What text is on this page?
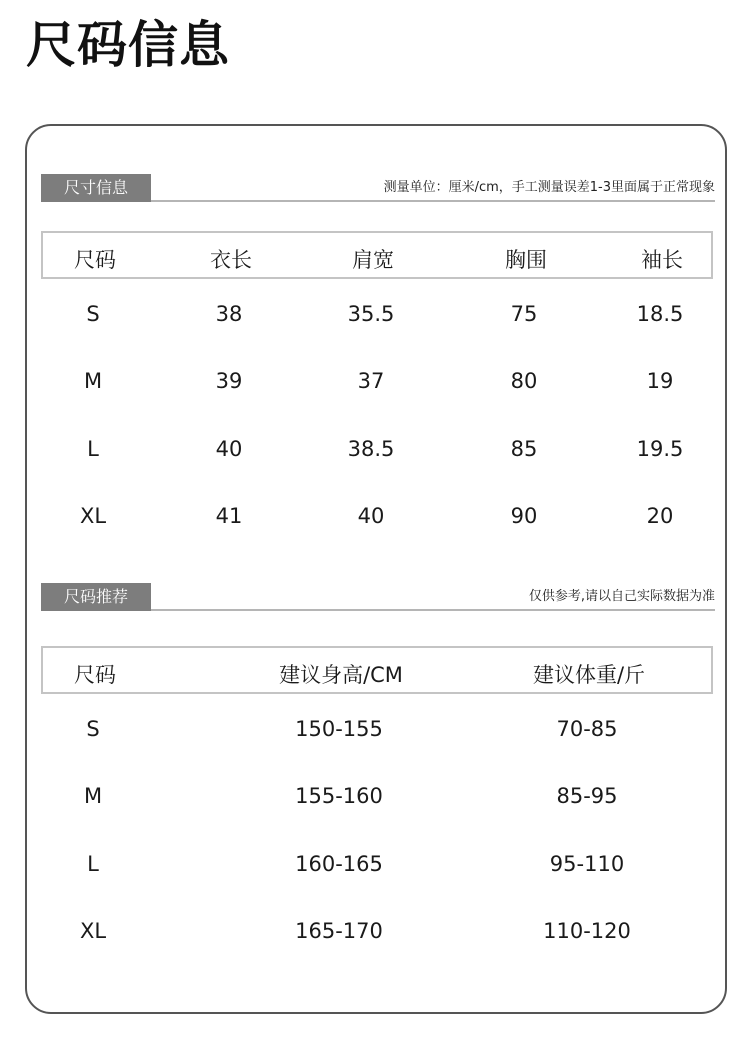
尺码信息
尺寸信息	测量单位：厘米/cm，手工测量误差1-3里面属于正常现象
尺码	衣长	肩宽	胸围	袖长
S	38	35.5	75	18.5
M	39	37	80	19
L	40	38.5	85	19.5
XL	41	40	90	20
尺码推荐	仅供参考,请以自己实际数据为准
尺码	建议身高/CM	建议体重/斤
S	150-155	70-85
M	155-160	85-95
L	160-165	95-110
XL	165-170	110-120
